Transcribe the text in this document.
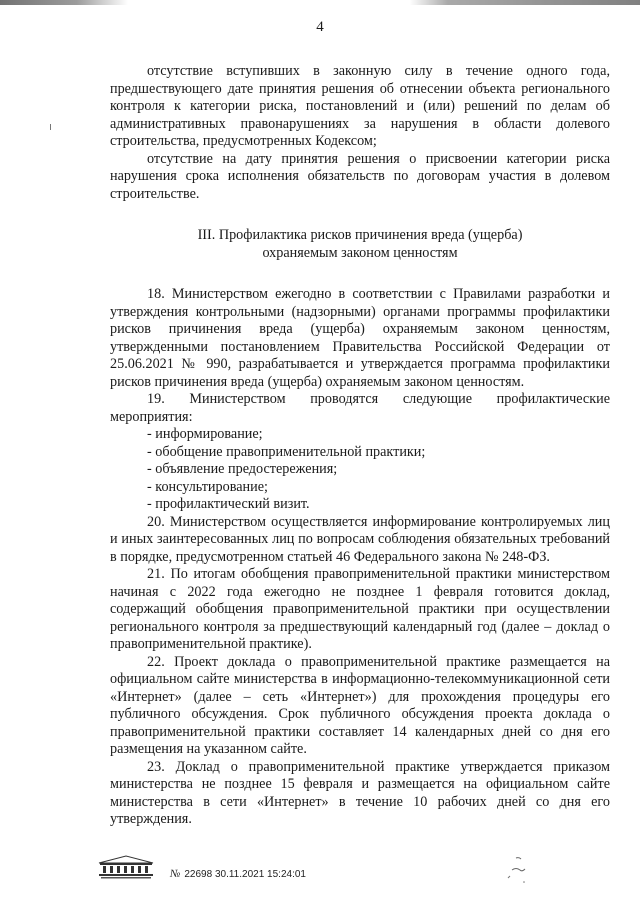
4

отсутствие вступивших в законную силу в течение одного года, предшествующего дате принятия решения об отнесении объекта регионального контроля к категории риска, постановлений и (или) решений по делам об административных правонарушениях за нарушения в области долевого строительства, предусмотренных Кодексом;

отсутствие на дату принятия решения о присвоении категории риска нарушения срока исполнения обязательств по договорам участия в долевом строительстве.

III. Профилактика рисков причинения вреда (ущерба)
охраняемым законом ценностям

18. Министерством ежегодно в соответствии с Правилами разработки и утверждения контрольными (надзорными) органами программы профилактики рисков причинения вреда (ущерба) охраняемым законом ценностям, утвержденными постановлением Правительства Российской Федерации от 25.06.2021 № 990, разрабатывается и утверждается программа профилактики рисков причинения вреда (ущерба) охраняемым законом ценностям.

19. Министерством проводятся следующие профилактические мероприятия:

- информирование;

- обобщение правоприменительной практики;

- объявление предостережения;

- консультирование;

- профилактический визит.

20. Министерством осуществляется информирование контролируемых лиц и иных заинтересованных лиц по вопросам соблюдения обязательных требований в порядке, предусмотренном статьей 46 Федерального закона № 248-ФЗ.

21. По итогам обобщения правоприменительной практики министерством начиная с 2022 года ежегодно не позднее 1 февраля готовится доклад, содержащий обобщения правоприменительной практики при осуществлении регионального контроля за предшествующий календарный год (далее – доклад о правоприменительной практике).

22. Проект доклада о правоприменительной практике размещается на официальном сайте министерства в информационно-телекоммуникационной сети «Интернет» (далее – сеть «Интернет») для прохождения процедуры его публичного обсуждения. Срок публичного обсуждения проекта доклада о правоприменительной практики составляет 14 календарных дней со дня его размещения на указанном сайте.

23. Доклад о правоприменительной практике утверждается приказом министерства не позднее 15 февраля и размещается на официальном сайте министерства в сети «Интернет» в течение 10 рабочих дней со дня его утверждения.

№ 22698 30.11.2021 15:24:01
